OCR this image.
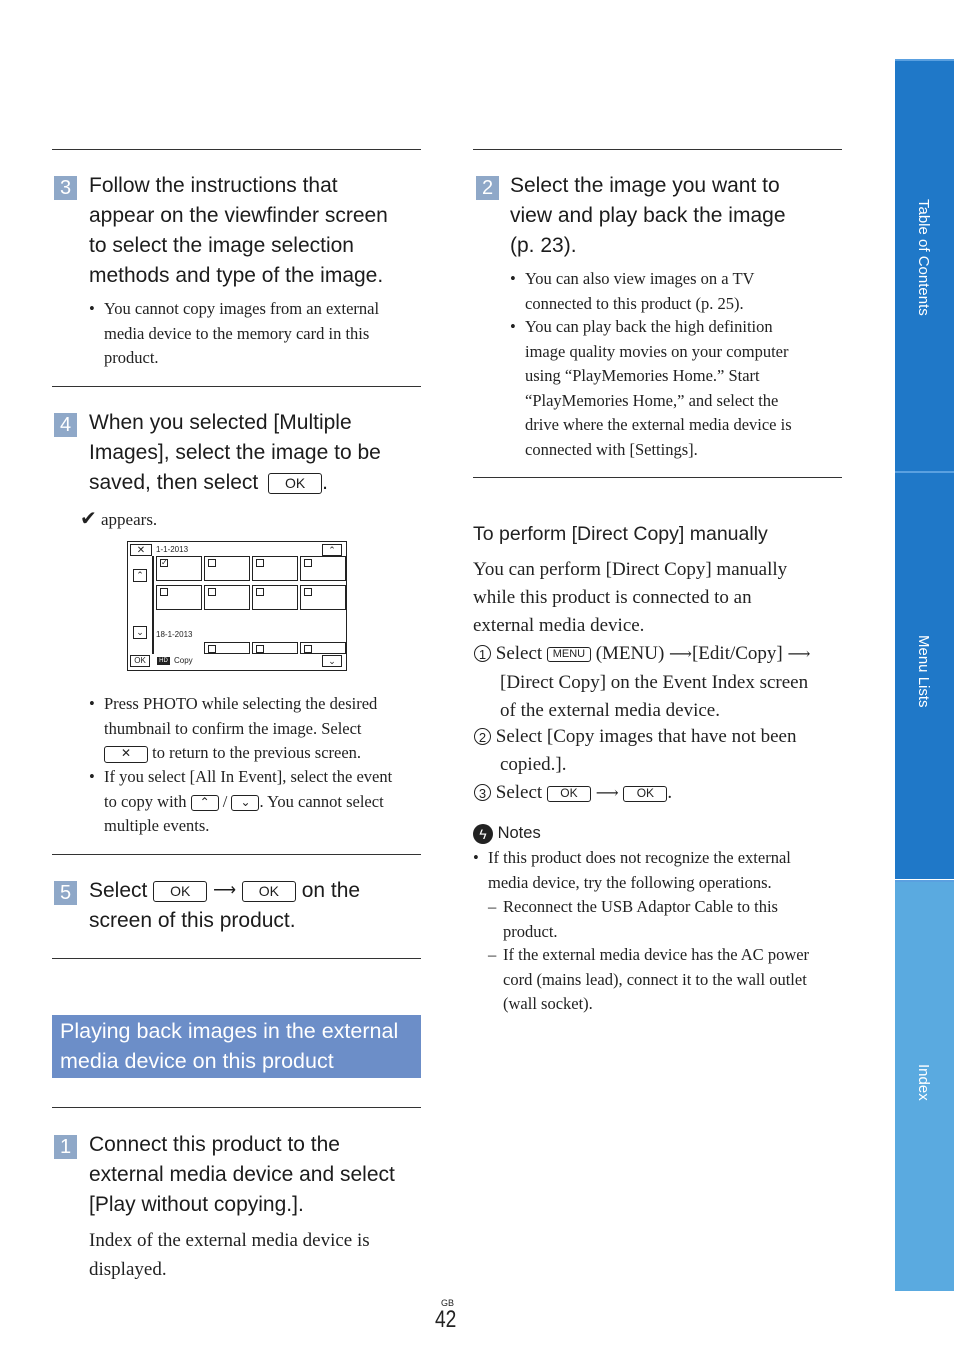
3 Follow the instructions that
appear on the viewfinder screen
to select the image selection
methods and type of the image.
• You cannot copy images from an external
media device to the memory card in this
product.
4 When you selected [Multiple
Images], select the image to be
saved, then select OK .
✔ appears.
✕	1-1-2013	⌃
⌃
⌄
✓
18-1-2013
OK	HD Copy	⌄
• Press PHOTO while selecting the desired
thumbnail to confirm the image. Select
✕ to return to the previous screen.
• If you select [All In Event], select the event
to copy with ⌃ / ⌄ . You cannot select
multiple events.
5 Select OK ⟶ OK on the
screen of this product.
Playing back images in the external
media device on this product
1 Connect this product to the
external media device and select
[Play without copying.].
Index of the external media device is
displayed.
2 Select the image you want to
view and play back the image
(p. 23).
• You can also view images on a TV
connected to this product (p. 25).
• You can play back the high definition
image quality movies on your computer
using “PlayMemories Home.” Start
“PlayMemories Home,” and select the
drive where the external media device is
connected with [Settings].
To perform [Direct Copy] manually
You can perform [Direct Copy] manually
while this product is connected to an
external media device.
1 Select MENU (MENU) ⟶[Edit/Copy] ⟶
[Direct Copy] on the Event Index screen
of the external media device.
2 Select [Copy images that have not been
copied.].
3 Select OK ⟶ OK .
ϟ Notes
• If this product does not recognize the external
media device, try the following operations.
– Reconnect the USB Adaptor Cable to this
product.
– If the external media device has the AC power
cord (mains lead), connect it to the wall outlet
(wall socket).
Table of Contents
Menu Lists
Index
GB
42
